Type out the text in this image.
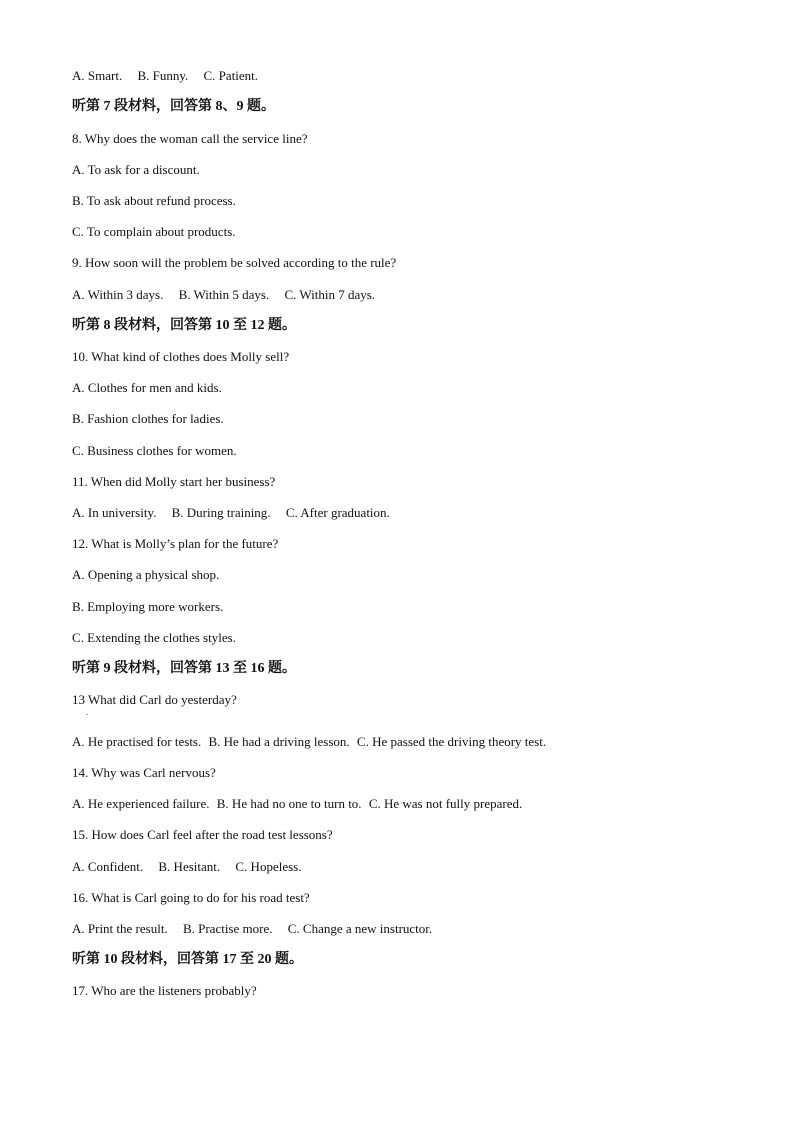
A. Smart. B. Funny. C. Patient.
听第 7 段材料，回答第 8、9 题。
8. Why does the woman call the service line?
A. To ask for a discount.
B. To ask about refund process.
C. To complain about products.
9. How soon will the problem be solved according to the rule?
A. Within 3 days. B. Within 5 days. C. Within 7 days.
听第 8 段材料，回答第 10 至 12 题。
10. What kind of clothes does Molly sell?
A. Clothes for men and kids.
B. Fashion clothes for ladies.
C. Business clothes for women.
11. When did Molly start her business?
A. In university. B. During training. C. After graduation.
12. What is Molly’s plan for the future?
A. Opening a physical shop.
B. Employing more workers.
C. Extending the clothes styles.
听第 9 段材料，回答第 13 至 16 题。
13 What did Carl do yesterday?
.
A. He practised for tests. B. He had a driving lesson. C. He passed the driving theory test.
14. Why was Carl nervous?
A. He experienced failure. B. He had no one to turn to. C. He was not fully prepared.
15. How does Carl feel after the road test lessons?
A. Confident. B. Hesitant. C. Hopeless.
16. What is Carl going to do for his road test?
A. Print the result. B. Practise more. C. Change a new instructor.
听第 10 段材料，回答第 17 至 20 题。
17. Who are the listeners probably?
